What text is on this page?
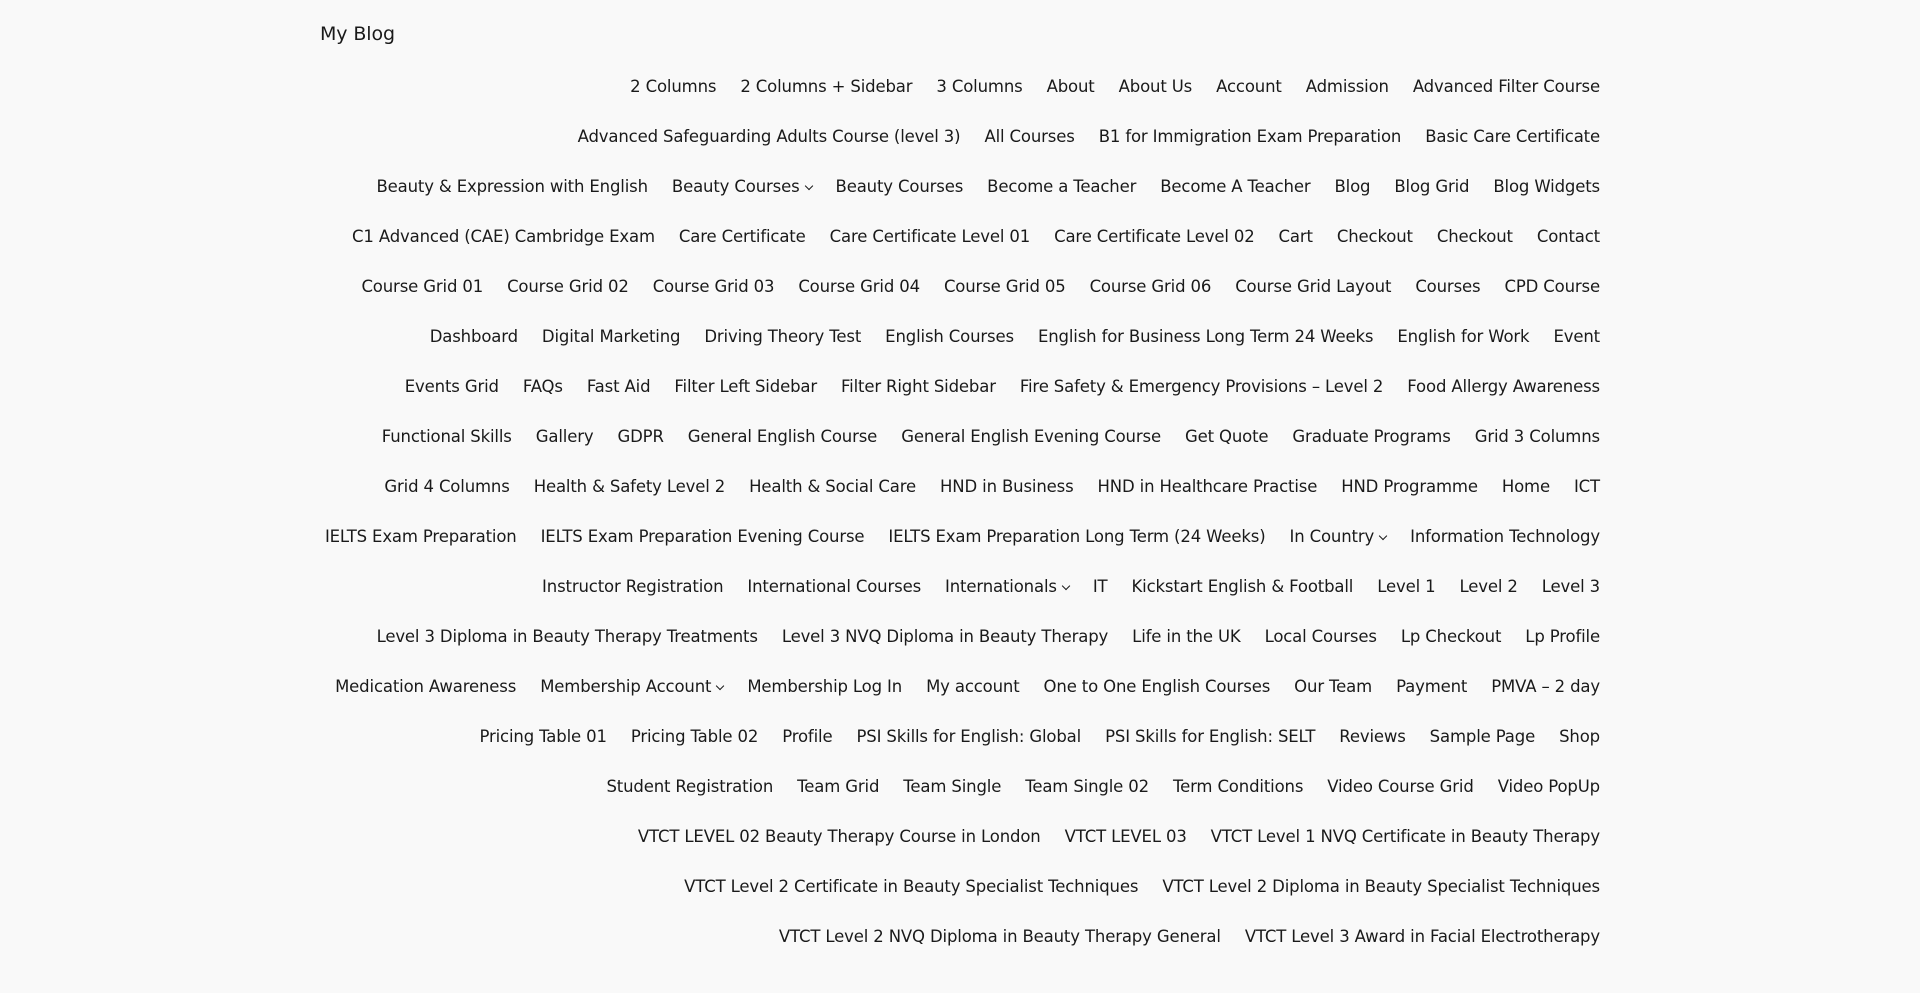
My Blog
2 Columns 2 Columns + Sidebar 3 Columns About About Us Account Admission Advanced Filter Course
Advanced Safeguarding Adults Course (level 3) All Courses B1 for Immigration Exam Preparation Basic Care Certificate
Beauty & Expression with English Beauty Courses Beauty Courses Become a Teacher Become A Teacher Blog Blog Grid Blog Widgets
C1 Advanced (CAE) Cambridge Exam Care Certificate Care Certificate Level 01 Care Certificate Level 02 Cart Checkout Checkout Contact
Course Grid 01 Course Grid 02 Course Grid 03 Course Grid 04 Course Grid 05 Course Grid 06 Course Grid Layout Courses CPD Course
Dashboard Digital Marketing Driving Theory Test English Courses English for Business Long Term 24 Weeks English for Work Event
Events Grid FAQs Fast Aid Filter Left Sidebar Filter Right Sidebar Fire Safety & Emergency Provisions – Level 2 Food Allergy Awareness
Functional Skills Gallery GDPR General English Course General English Evening Course Get Quote Graduate Programs Grid 3 Columns
Grid 4 Columns Health & Safety Level 2 Health & Social Care HND in Business HND in Healthcare Practise HND Programme Home ICT
IELTS Exam Preparation IELTS Exam Preparation Evening Course IELTS Exam Preparation Long Term (24 Weeks) In Country Information Technology
Instructor Registration International Courses Internationals IT Kickstart English & Football Level 1 Level 2 Level 3
Level 3 Diploma in Beauty Therapy Treatments Level 3 NVQ Diploma in Beauty Therapy Life in the UK Local Courses Lp Checkout Lp Profile
Medication Awareness Membership Account Membership Log In My account One to One English Courses Our Team Payment PMVA – 2 day
Pricing Table 01 Pricing Table 02 Profile PSI Skills for English: Global PSI Skills for English: SELT Reviews Sample Page Shop
Student Registration Team Grid Team Single Team Single 02 Term Conditions Video Course Grid Video PopUp
VTCT LEVEL 02 Beauty Therapy Course in London VTCT LEVEL 03 VTCT Level 1 NVQ Certificate in Beauty Therapy
VTCT Level 2 Certificate in Beauty Specialist Techniques VTCT Level 2 Diploma in Beauty Specialist Techniques
VTCT Level 2 NVQ Diploma in Beauty Therapy General VTCT Level 3 Award in Facial Electrotherapy
